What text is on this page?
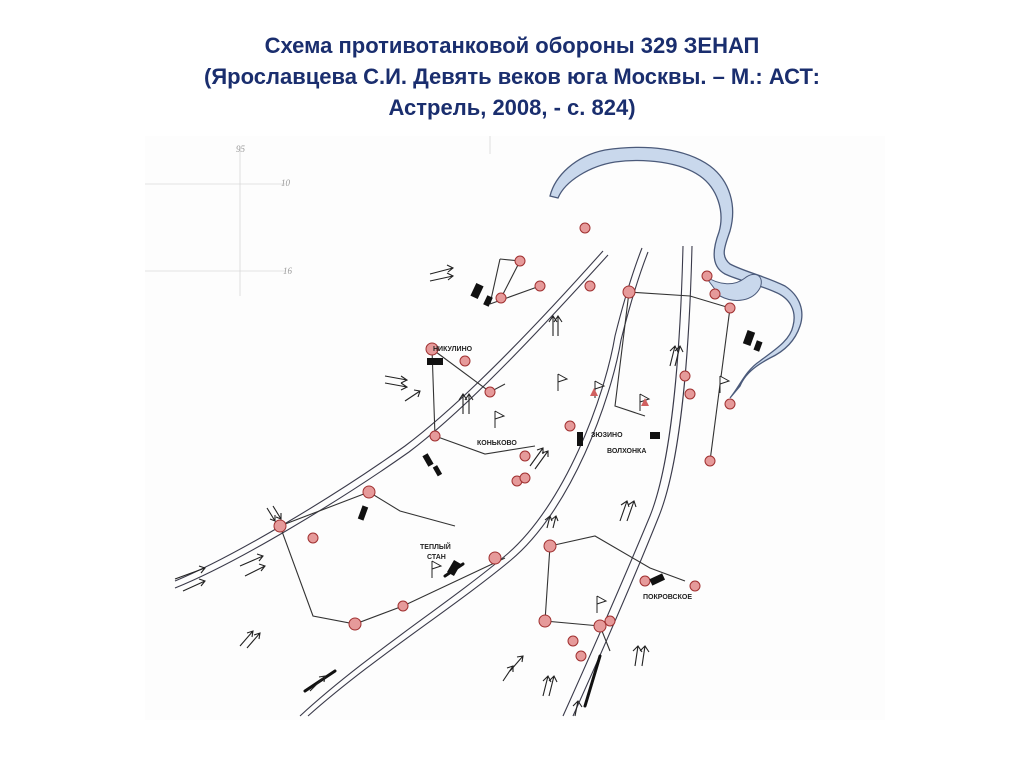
Схема противотанковой обороны 329 ЗЕНАП
(Ярославцева С.И. Девять веков юга Москвы. – М.: АСТ:
Астрель, 2008, - с. 824)
95
10
16
НИКУЛИНО
КОНЬКОВО
ЗЮЗИНО
ВОЛХОНКА
ТЕПЛЫЙ
СТАН
ПОКРОВСКОЕ
